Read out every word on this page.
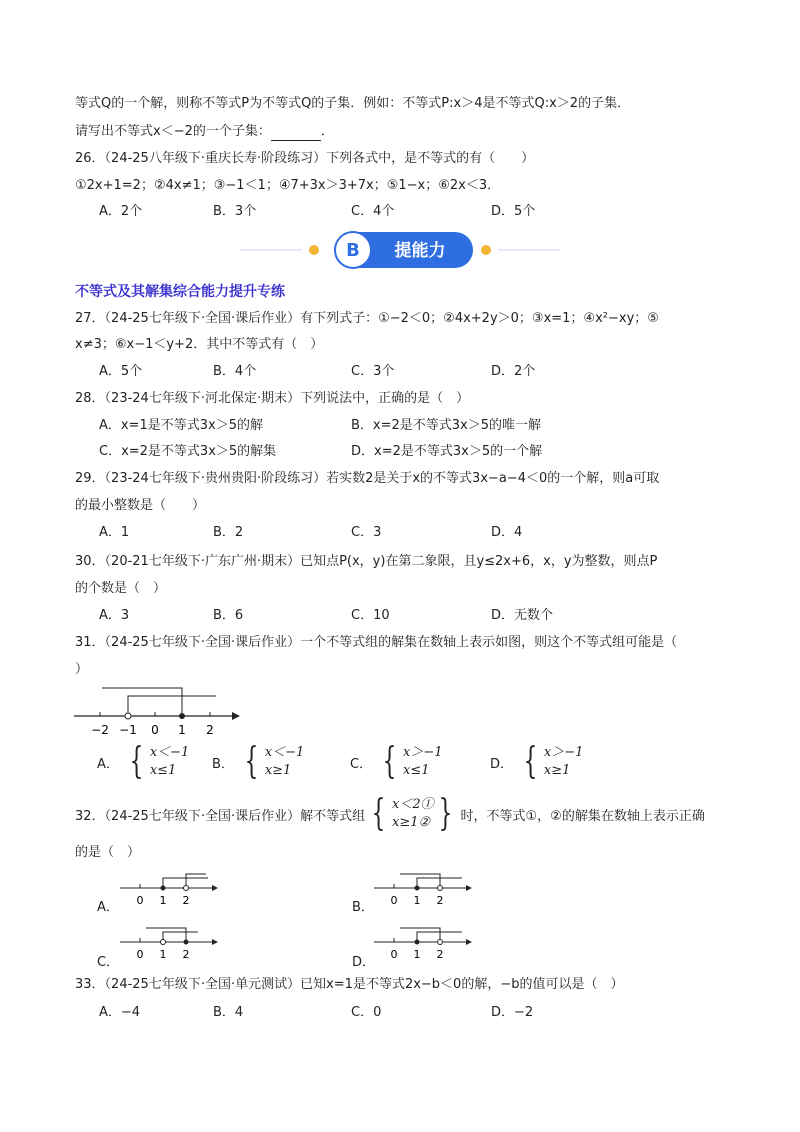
等式Q的一个解，则称不等式P为不等式Q的子集．例如：不等式P:x＞4是不等式Q:x＞2的子集．
请写出不等式x＜−2的一个子集：	．
26．（24-25八年级下·重庆长寿·阶段练习）下列各式中，是不等式的有（　　）
①2x+1=2；②4x≠1；③−1＜1；④7+3x＞3+7x；⑤1−x；⑥2x＜3．
A．2个	B．3个	C．4个	D．5个
B 提能力
不等式及其解集综合能力提升专练
27．（24-25七年级下·全国·课后作业）有下列式子：①−2＜0；②4x+2y＞0；③x=1；④x²−xy；⑤
x≠3；⑥x−1＜y+2．其中不等式有（　）
A．5个	B．4个	C．3个	D．2个
28．（23-24七年级下·河北保定·期末）下列说法中，正确的是（　）
A．x=1是不等式3x＞5的解	B．x=2是不等式3x＞5的唯一解
C．x=2是不等式3x＞5的解集	D．x=2是不等式3x＞5的一个解
29．（23-24七年级下·贵州贵阳·阶段练习）若实数2是关于x的不等式3x−a−4＜0的一个解，则a可取
的最小整数是（　　）
A．1	B．2	C．3	D．4
30．（20-21七年级下·广东广州·期末）已知点P(x，y)在第二象限，且y≤2x+6，x，y为整数，则点P
的个数是（　）
A．3	B．6	C．10	D．无数个
31．（24-25七年级下·全国·课后作业）一个不等式组的解集在数轴上表示如图，则这个不等式组可能是（
）
−2 −1 0 1 2
A． { x＜−1
x≤1	B． { x＜−1
x≥1	C． { x＞−1
x≤1	D． { x＞−1
x≥1
32．（24-25七年级下·全国·课后作业）解不等式组 { x＜2①
x≥1② } 时，不等式①，②的解集在数轴上表示正确
的是（　）
A． 0 1 2	B． 0 1 2
C．
0 1 2
D．
0 1 2
33．（24-25七年级下·全国·单元测试）已知x=1是不等式2x−b＜0的解，−b的值可以是（　）
A．−4	B．4	C．0	D．−2
